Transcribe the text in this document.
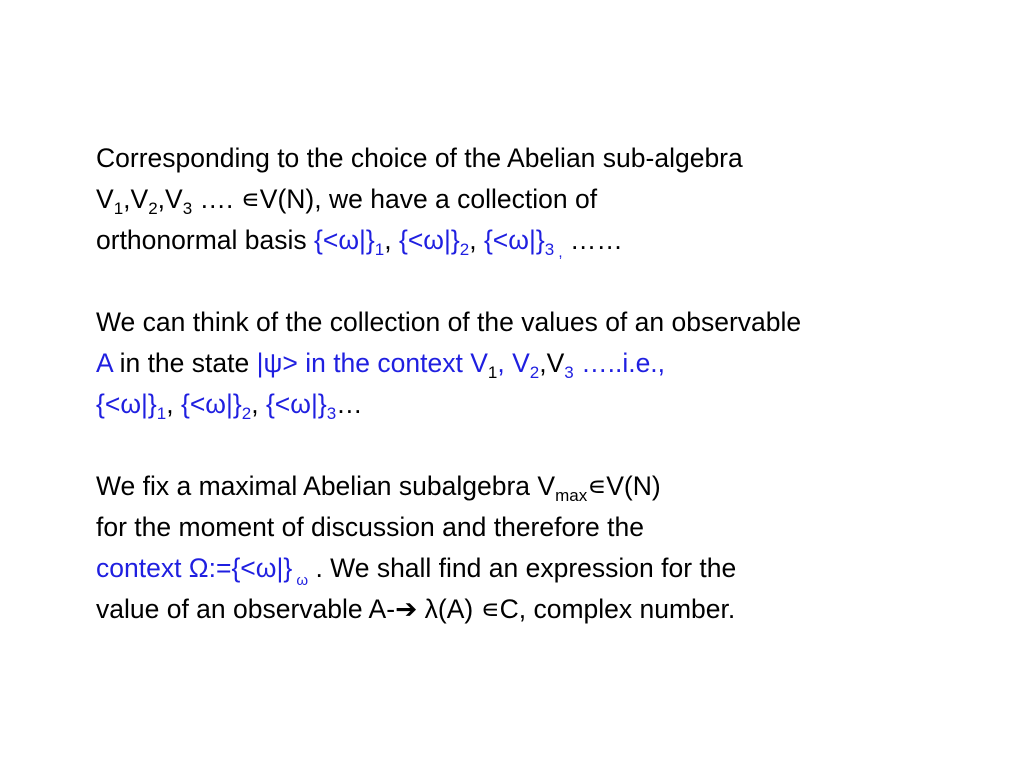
Corresponding to the choice of the Abelian sub-algebra
$V_1,V_2,V_3$ …. ∊V(N), we have a collection of
orthonormal basis $\{<\omega|\}_1$, $\{<\omega|\}_2$, $\{<\omega|\}_3$ $_,$ ……
We can think of the collection of the values of an observable
A in the state |ψ> in the context $V_1$, $V_2,V_3$ …..i.e.,
$\{<\omega|\}_1$, $\{<\omega|\}_2$, $\{<\omega|\}_3\dots$
We fix a maximal Abelian subalgebra $V_{max}∊V(N)$
for the moment of discussion and therefore the
context Ω:={<ω|} $_\omega$ . We shall find an expression for the
value of an observable A-➔ λ(A) ∊C, complex number.
